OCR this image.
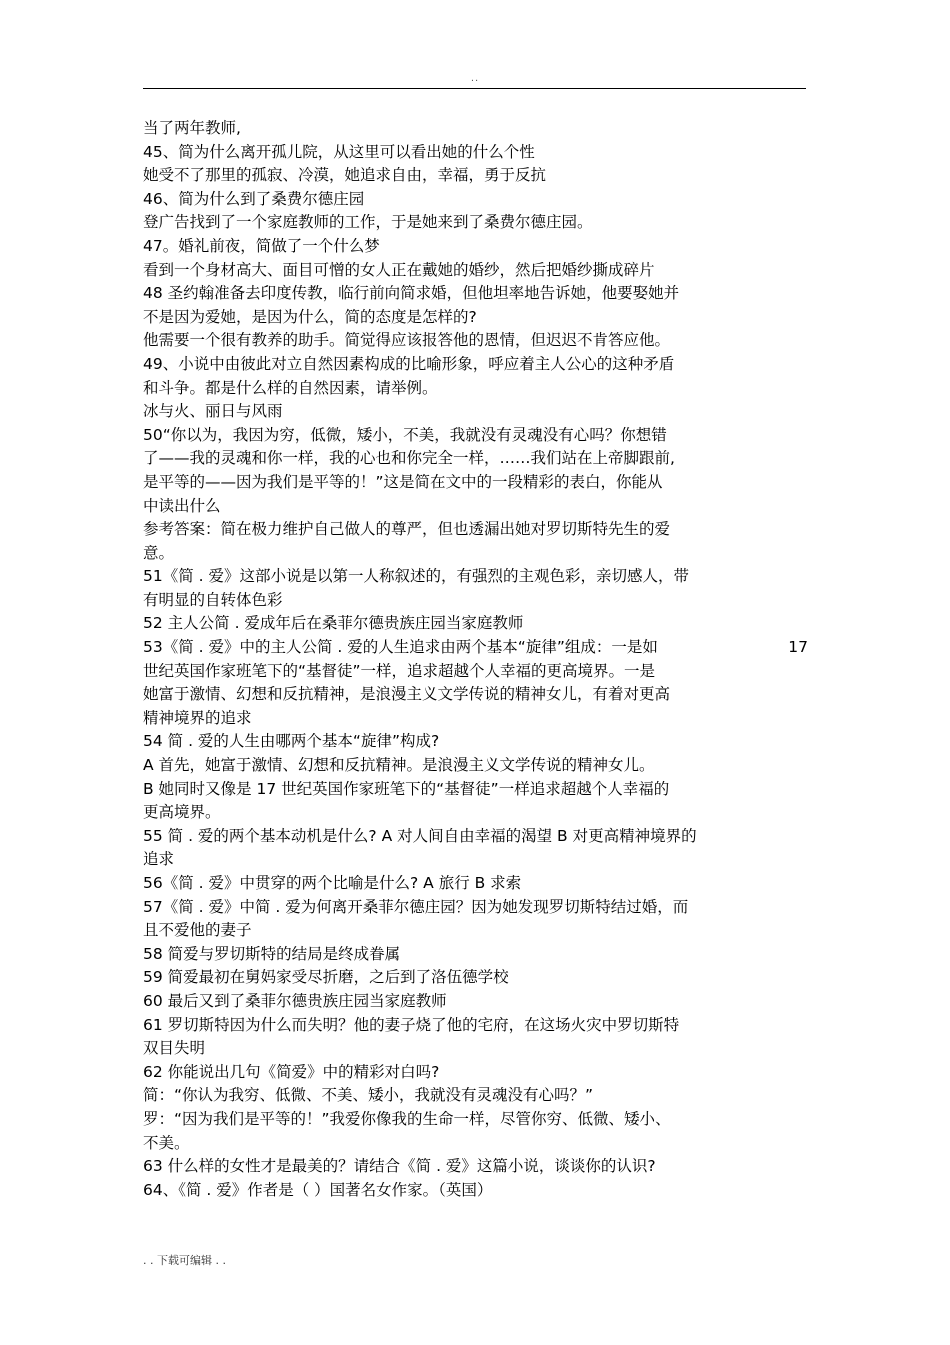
..
当了两年教师,
45、简为什么离开孤儿院，从这里可以看出她的什么个性
她受不了那里的孤寂、冷漠，她追求自由，幸福，勇于反抗
46、简为什么到了桑费尔德庄园
登广告找到了一个家庭教师的工作，于是她来到了桑费尔德庄园。
47。婚礼前夜，简做了一个什么梦
看到一个身材高大、面目可憎的女人正在戴她的婚纱，然后把婚纱撕成碎片
48 圣约翰准备去印度传教，临行前向简求婚，但他坦率地告诉她，他要娶她并
不是因为爱她，是因为什么，简的态度是怎样的?
他需要一个很有教养的助手。简觉得应该报答他的恩情，但迟迟不肯答应他。
49、小说中由彼此对立自然因素构成的比喻形象，呼应着主人公心的这种矛盾
和斗争。都是什么样的自然因素，请举例。
冰与火、丽日与风雨
50“你以为，我因为穷，低微，矮小，不美，我就没有灵魂没有心吗？你想错
了——我的灵魂和你一样，我的心也和你完全一样，……我们站在上帝脚跟前,
是平等的——因为我们是平等的！”这是简在文中的一段精彩的表白，你能从
中读出什么
参考答案：简在极力维护自己做人的尊严，但也透漏出她对罗切斯特先生的爱
意。
51《简 . 爱》这部小说是以第一人称叙述的，有强烈的主观色彩，亲切感人，带
有明显的自转体色彩
52 主人公简 . 爱成年后在桑菲尔德贵族庄园当家庭教师
53《简 . 爱》中的主人公简 . 爱的人生追求由两个基本“旋律”组成：一是如	17
世纪英国作家班笔下的“基督徒”一样，追求超越个人幸福的更高境界。一是
她富于激情、幻想和反抗精神，是浪漫主义文学传说的精神女儿，有着对更高
精神境界的追求
54 简 . 爱的人生由哪两个基本“旋律”构成?
A 首先，她富于激情、幻想和反抗精神。是浪漫主义文学传说的精神女儿。
B 她同时又像是 17 世纪英国作家班笔下的“基督徒”一样追求超越个人幸福的
更高境界。
55 简 . 爱的两个基本动机是什么? A 对人间自由幸福的渴望 B 对更高精神境界的
追求
56《简 . 爱》中贯穿的两个比喻是什么? A 旅行 B 求索
57《简 . 爱》中简 . 爱为何离开桑菲尔德庄园？因为她发现罗切斯特结过婚，而
且不爱他的妻子
58 简爱与罗切斯特的结局是终成眷属
59 简爱最初在舅妈家受尽折磨，之后到了洛伍德学校
60 最后又到了桑菲尔德贵族庄园当家庭教师
61 罗切斯特因为什么而失明？他的妻子烧了他的宅府，在这场火灾中罗切斯特
双目失明
62 你能说出几句《简爱》中的精彩对白吗?
简：“你认为我穷、低微、不美、矮小，我就没有灵魂没有心吗？”
罗：“因为我们是平等的！”我爱你像我的生命一样，尽管你穷、低微、矮小、
不美。
63 什么样的女性才是最美的？请结合《简 . 爱》这篇小说，谈谈你的认识?
64、《简 . 爱》作者是（ ）国著名女作家。（英国）
. . 下载可编辑 . .
